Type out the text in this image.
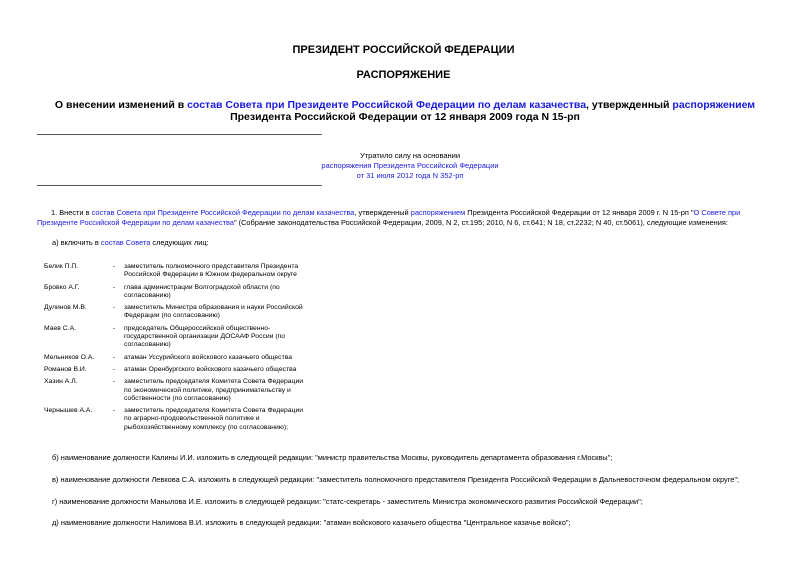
ПРЕЗИДЕНТ РОССИЙСКОЙ ФЕДЕРАЦИИ
РАСПОРЯЖЕНИЕ
О внесении изменений в состав Совета при Президенте Российской Федерации по делам казачества, утвержденный распоряжением Президента Российской Федерации от 12 января 2009 года N 15-рп
Утратило силу на основании
распоряжения Президента Российской Федерации
от 31 июля 2012 года N 352-рп
1. Внести в состав Совета при Президенте Российской Федерации по делам казачества, утвержденный распоряжением Президента Российской Федерации от 12 января 2009 г. N 15-рп "О Совете при Президенте Российской Федерации по делам казачества" (Собрание законодательства Российской Федерации, 2009, N 2, ст.195; 2010, N 6, ст.641; N 18, ст.2232; N 40, ст.5061), следующие изменения:
а) включить в состав Совета следующих лиц:
Белик П.П.	-	заместитель полномочного представителя Президента Российской Федерации в Южном федеральном округе
Бровко А.Г.	-	глава администрации Волгоградской области (по согласованию)
Дулинов М.В.	-	заместитель Министра образования и науки Российской Федерации (по согласованию)
Маев С.А.	-	председатель Общероссийской общественно-государственной организации ДОСААФ России (по согласованию)
Мельников О.А.	-	атаман Уссурийского войскового казачьего общества
Романов В.И.	-	атаман Оренбургского войскового казачьего общества
Хазин А.Л.	-	заместитель председателя Комитета Совета Федерации по экономической политике, предпринимательству и собственности (по согласованию)
Чернышев А.А.	-	заместитель председателя Комитета Совета Федерации по аграрно-продовольственной политике и рыбохозяйственному комплексу (по согласованию);
б) наименование должности Калины И.И. изложить в следующей редакции: "министр правительства Москвы, руководитель департамента образования г.Москвы";
в) наименование должности Левкова С.А. изложить в следующей редакции: "заместитель полномочного представителя Президента Российской Федерации в Дальневосточном федеральном округе";
г) наименование должности Манылова И.Е. изложить в следующей редакции: "статс-секретарь - заместитель Министра экономического развития Российской Федерации";
д) наименование должности Налимова В.И. изложить в следующей редакции: "атаман войскового казачьего общества "Центральное казачье войско";
